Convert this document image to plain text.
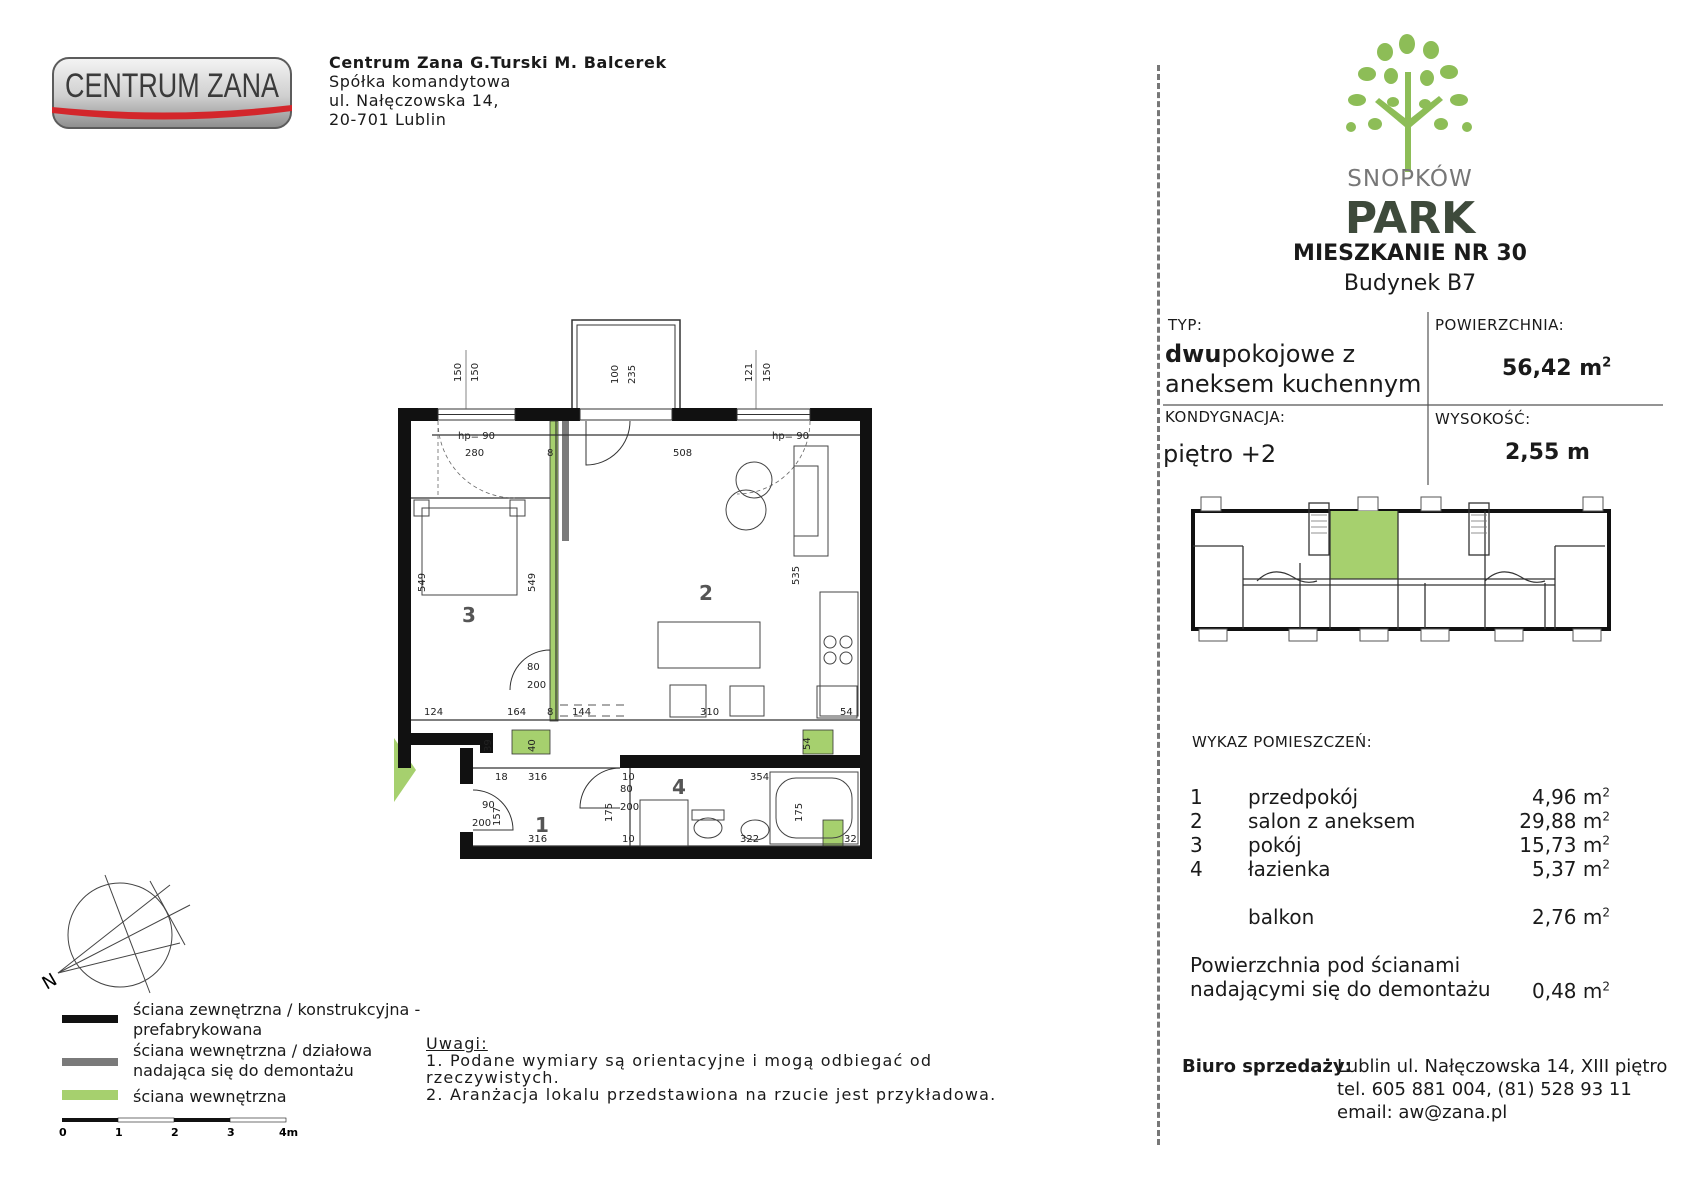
CENTRUM ZANA
Centrum Zana G.Turski M. Balcerek
Spółka komandytowa
ul. Nałęczowska 14,
20-701 Lublin
SNOPKÓW
PARK
MIESZKANIE NR 30
Budynek B7
TYP:
dwupokojowe z
aneksem kuchennym
POWIERZCHNIA:
56,42 $m^2$
KONDYGNACJA:
piętro +2
WYSOKOŚĆ:
2,55 m
3
2
1
4
150 150	100 235	121 150
hp= 90	hp= 90
280	8	508
549	549	535
80
200
124	164 8 144	310	54
39	40	54
18 316	10
80
200
354
90
200 157	175	175
316	10	322	32
N
ściana zewnętrzna / konstrukcyjna -
prefabrykowana
ściana wewnętrzna / działowa
nadająca się do demontażu
ściana wewnętrzna
0	1	2	3	4m
Uwagi:
1. Podane wymiary są orientacyjne i mogą odbiegać od
rzeczywistych.
2. Aranżacja lokalu przedstawiona na rzucie jest przykładowa.
WYKAZ POMIESZCZEŃ:
1 przedpokój	4,96 $m^2$
2 salon z aneksem	29,88 $m^2$
3 pokój	15,73 $m^2$
4 łazienka	5,37 $m^2$
balkon	2,76 $m^2$
Powierzchnia pod ścianami
nadającymi się do demontażu 0,48 $m^2$
Biuro sprzedaży:
Lublin ul. Nałęczowska 14, XIII piętro
tel. 605 881 004, (81) 528 93 11
email: aw@zana.pl
